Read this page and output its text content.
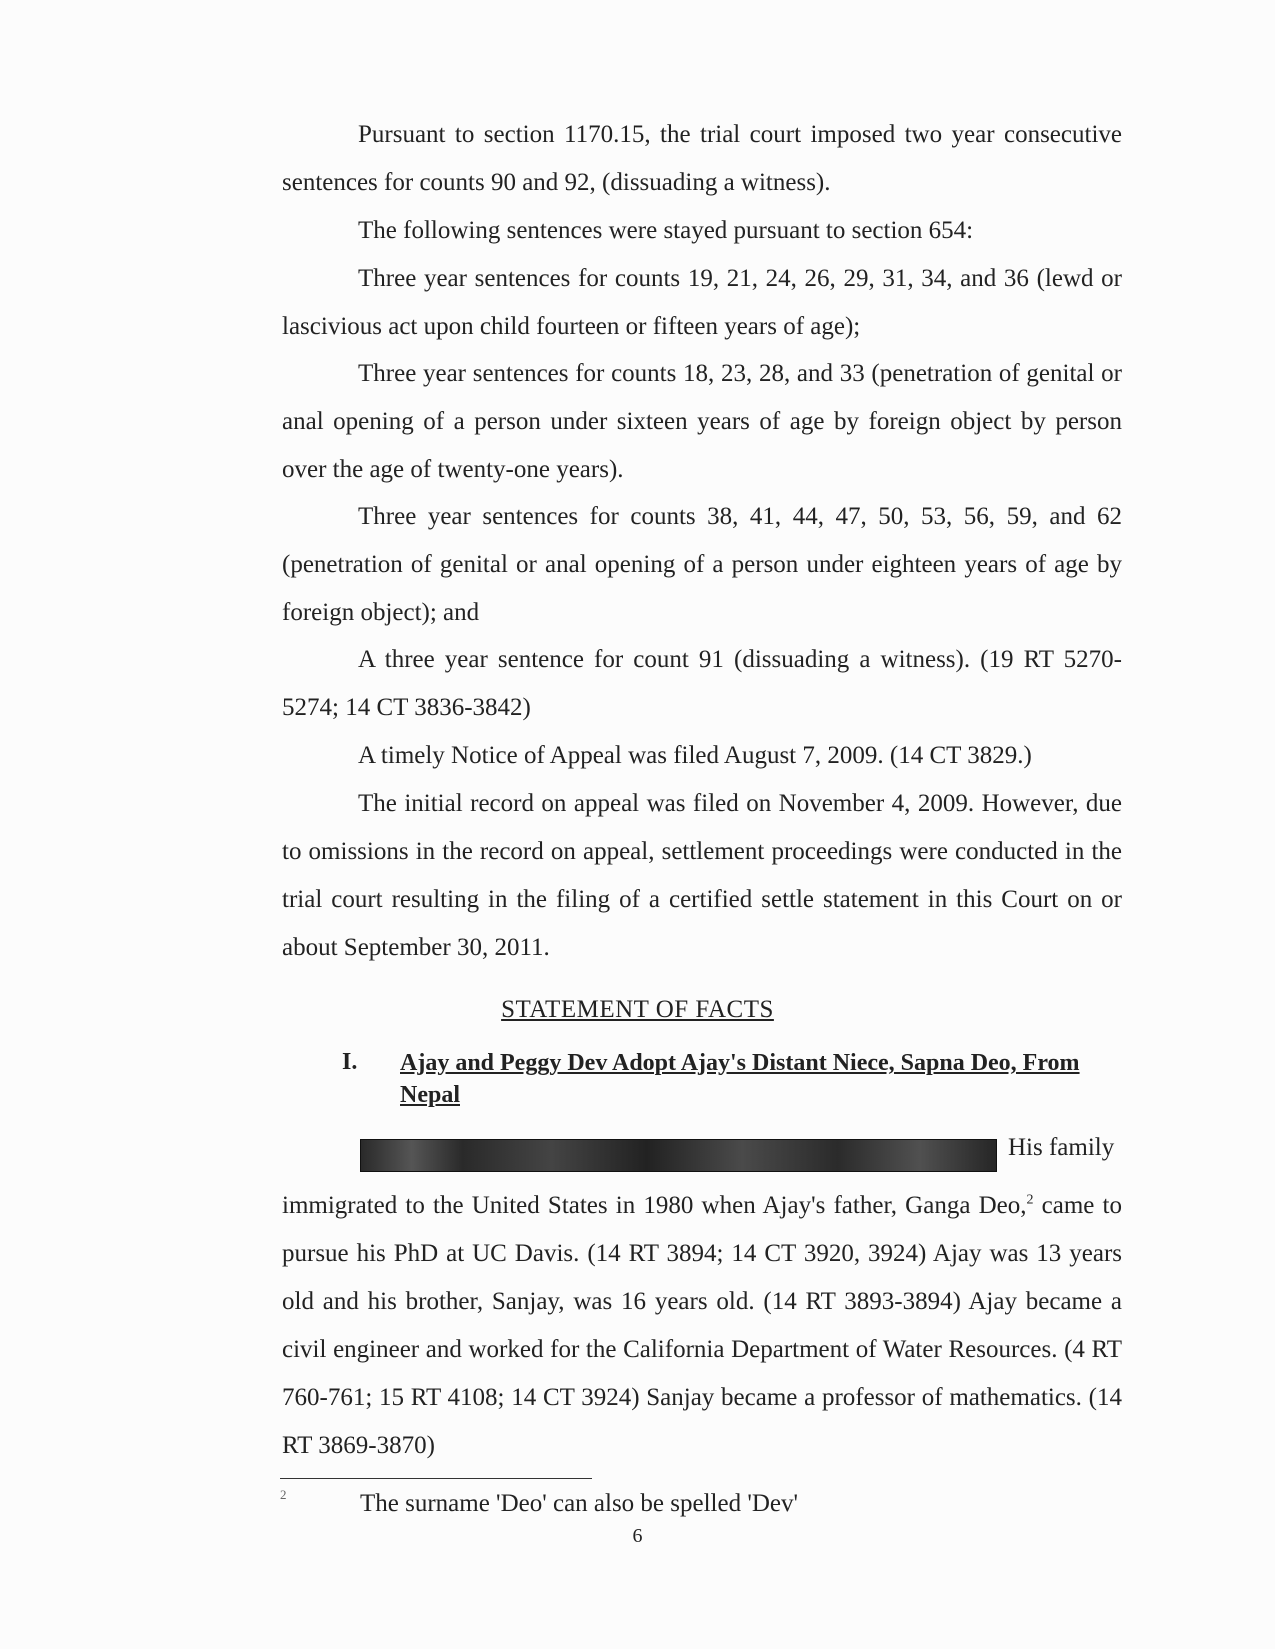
Pursuant to section 1170.15, the trial court imposed two year consecutive sentences for counts 90 and 92, (dissuading a witness).

The following sentences were stayed pursuant to section 654:

Three year sentences for counts 19, 21, 24, 26, 29, 31, 34, and 36 (lewd or lascivious act upon child fourteen or fifteen years of age);

Three year sentences for counts 18, 23, 28, and 33 (penetration of genital or anal opening of a person under sixteen years of age by foreign object by person over the age of twenty-one years).

Three year sentences for counts 38, 41, 44, 47, 50, 53, 56, 59, and 62 (penetration of genital or anal opening of a person under eighteen years of age by foreign object); and

A three year sentence for count 91 (dissuading a witness). (19 RT 5270-5274; 14 CT 3836-3842)

A timely Notice of Appeal was filed August 7, 2009. (14 CT 3829.)

The initial record on appeal was filed on November 4, 2009. However, due to omissions in the record on appeal, settlement proceedings were conducted in the trial court resulting in the filing of a certified settle statement in this Court on or about September 30, 2011.

STATEMENT OF FACTS
I. Ajay and Peggy Dev Adopt Ajay's Distant Niece, Sapna Deo, From Nepal
His family

immigrated to the United States in 1980 when Ajay's father, Ganga Deo,$^2$ came to pursue his PhD at UC Davis. (14 RT 3894; 14 CT 3920, 3924) Ajay was 13 years old and his brother, Sanjay, was 16 years old. (14 RT 3893-3894) Ajay became a civil engineer and worked for the California Department of Water Resources. (4 RT 760-761; 15 RT 4108; 14 CT 3924) Sanjay became a professor of mathematics. (14 RT 3869-3870)

2	The surname 'Deo' can also be spelled 'Dev'
6
